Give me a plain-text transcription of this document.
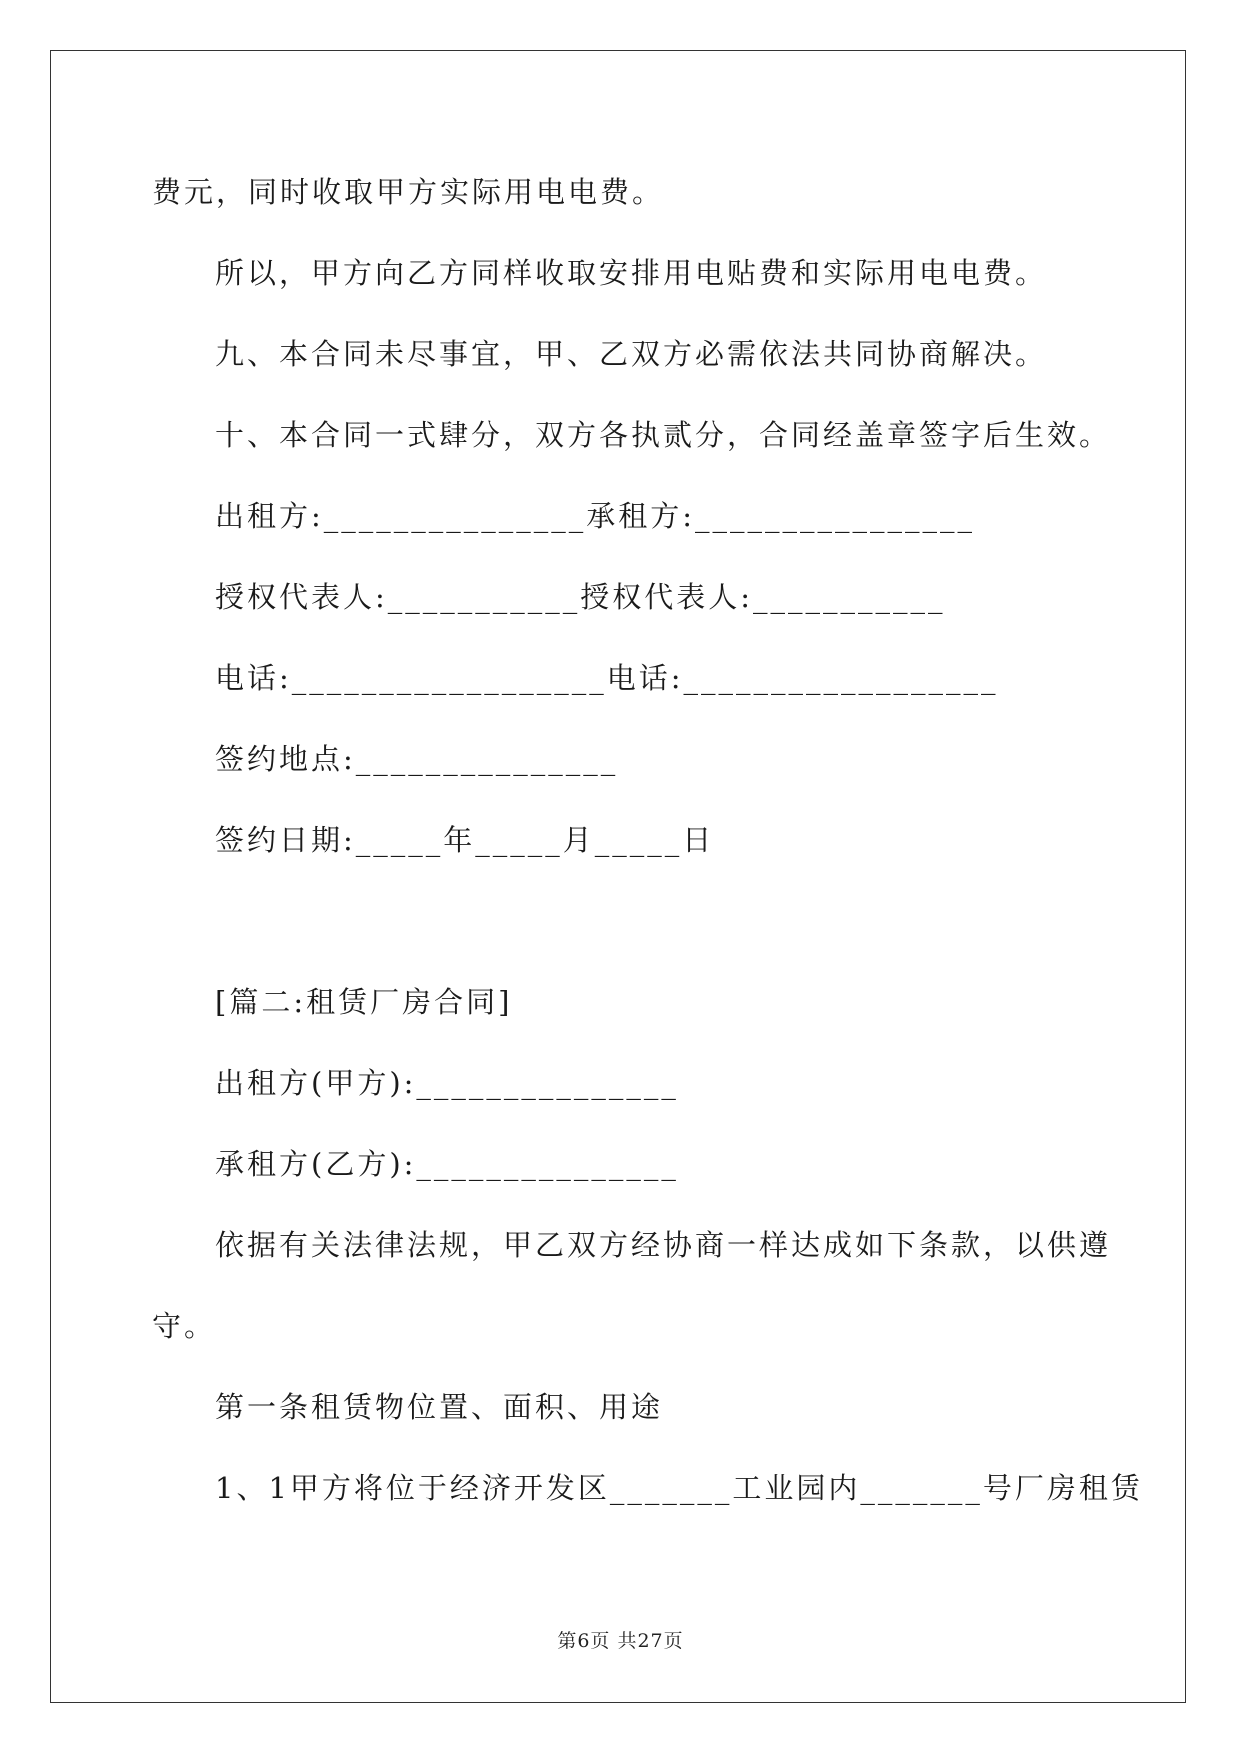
费元，同时收取甲方实际用电电费。
所以，甲方向乙方同样收取安排用电贴费和实际用电电费。
九、本合同未尽事宜，甲、乙双方必需依法共同协商解决。
十、本合同一式肆分，双方各执贰分，合同经盖章签字后生效。
出租方:_______________承租方:________________
授权代表人:___________授权代表人:___________
电话:__________________电话:__________________
签约地点:_______________
签约日期:_____年_____月_____日
[篇二:租赁厂房合同]
出租方(甲方):_______________
承租方(乙方):_______________
依据有关法律法规，甲乙双方经协商一样达成如下条款，以供遵
守。
第一条租赁物位置、面积、用途
1、1甲方将位于经济开发区_______工业园内_______号厂房租赁
第6页 共27页
